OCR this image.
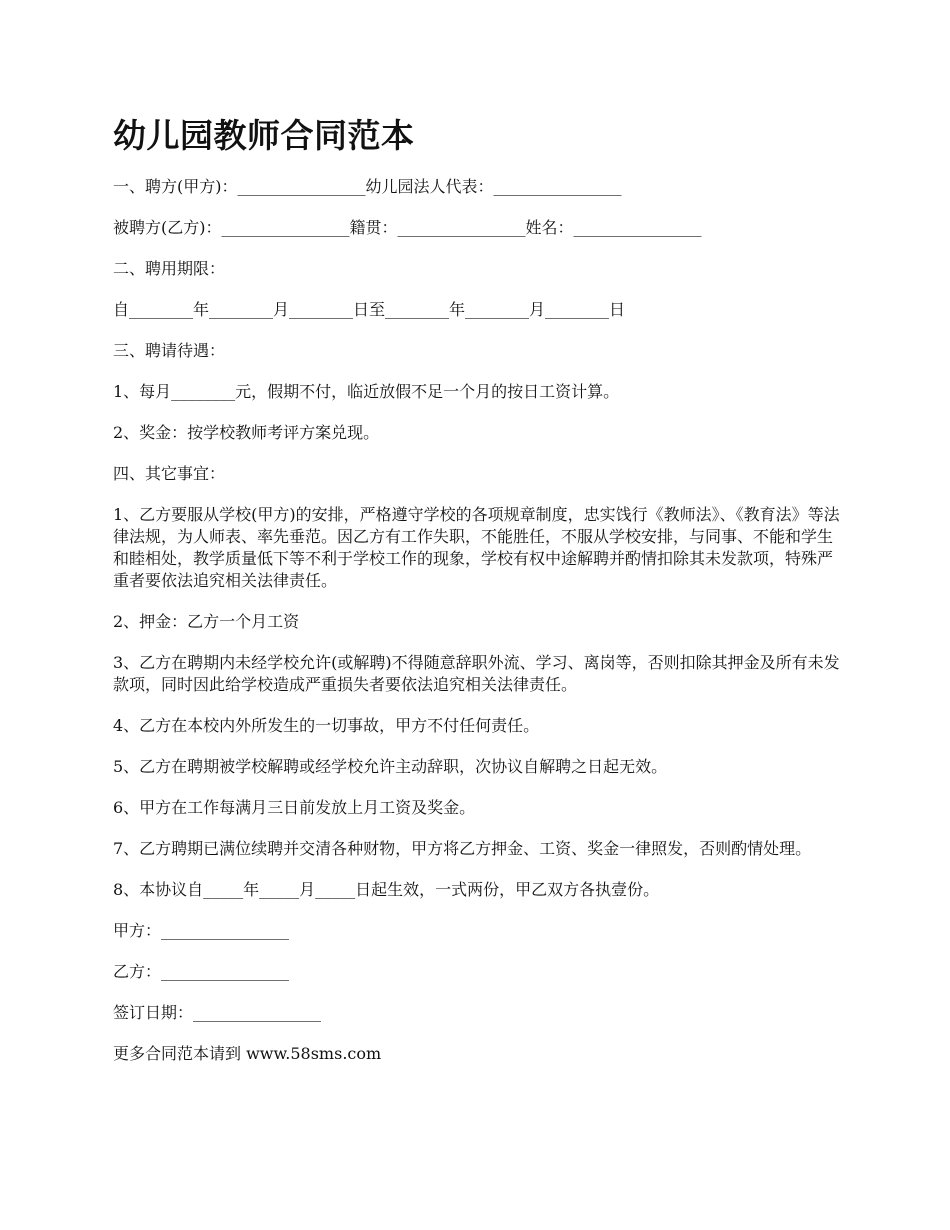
幼儿园教师合同范本
一、聘方(甲方)：________________幼儿园法人代表：________________
被聘方(乙方)：________________籍贯：________________姓名：________________
二、聘用期限：
自________年________月________日至________年________月________日
三、聘请待遇：
1、每月________元，假期不付，临近放假不足一个月的按日工资计算。
2、奖金：按学校教师考评方案兑现。
四、其它事宜：
1、乙方要服从学校(甲方)的安排，严格遵守学校的各项规章制度，忠实饯行《教师法》、《教育法》等法律法规，为人师表、率先垂范。因乙方有工作失职，不能胜任，不服从学校安排，与同事、不能和学生和睦相处，教学质量低下等不利于学校工作的现象，学校有权中途解聘并酌情扣除其未发款项，特殊严重者要依法追究相关法律责任。
2、押金：乙方一个月工资
3、乙方在聘期内未经学校允许(或解聘)不得随意辞职外流、学习、离岗等，否则扣除其押金及所有未发款项，同时因此给学校造成严重损失者要依法追究相关法律责任。
4、乙方在本校内外所发生的一切事故，甲方不付任何责任。
5、乙方在聘期被学校解聘或经学校允许主动辞职，次协议自解聘之日起无效。
6、甲方在工作每满月三日前发放上月工资及奖金。
7、乙方聘期已满位续聘并交清各种财物，甲方将乙方押金、工资、奖金一律照发，否则酌情处理。
8、本协议自_____年_____月_____日起生效，一式两份，甲乙双方各执壹份。
甲方：________________
乙方：________________
签订日期：________________
更多合同范本请到 www.58sms.com
